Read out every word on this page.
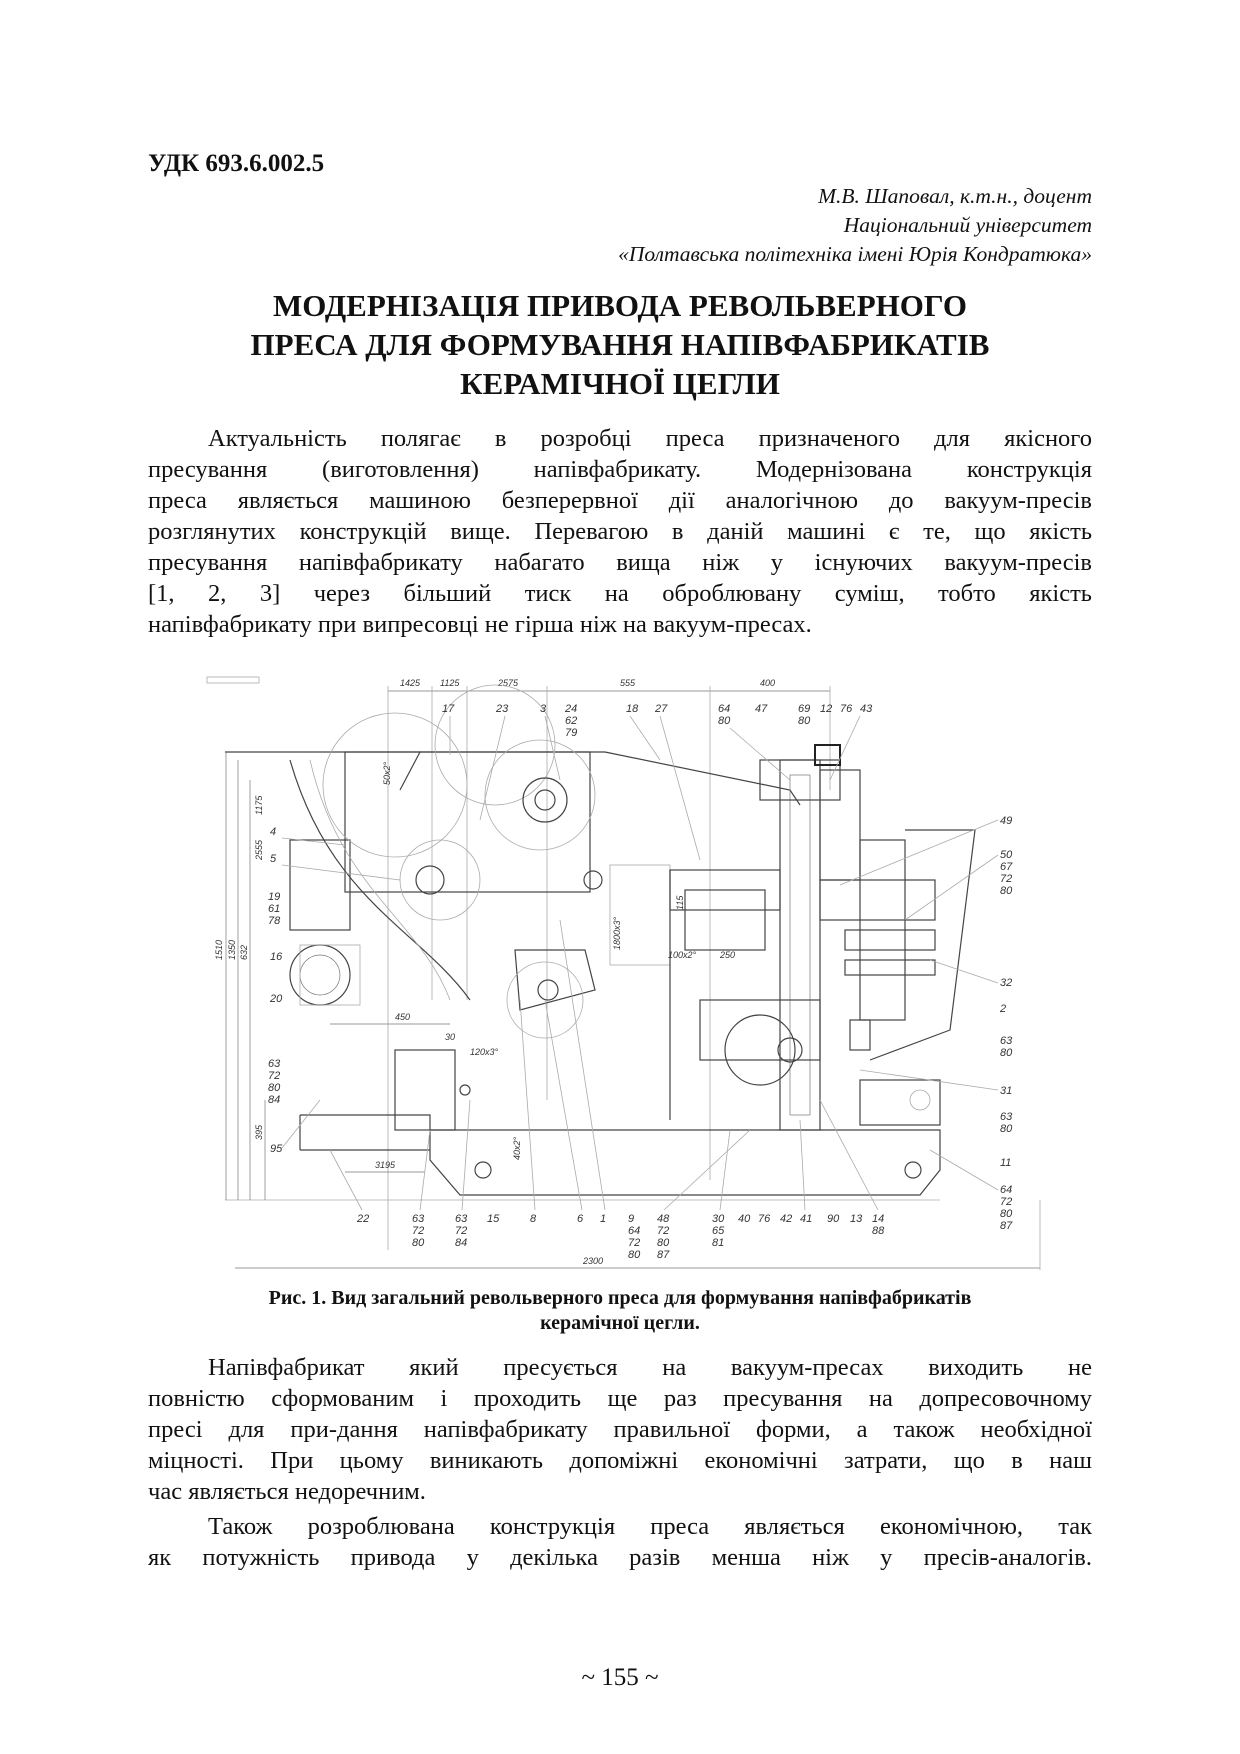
УДК 693.6.002.5
М.В. Шаповал, к.т.н., доцент
Національний університет
«Полтавська політехніка імені Юрія Кондратюка»
МОДЕРНІЗАЦІЯ ПРИВОДА РЕВОЛЬВЕРНОГО
ПРЕСА ДЛЯ ФОРМУВАННЯ НАПІВФАБРИКАТІВ
КЕРАМІЧНОЇ ЦЕГЛИ
Актуальність полягає в розробці преса призначеного для якісного
пресування (виготовлення) напівфабрикату. Модернізована конструкція
преса являється машиною безперервної дії аналогічною до вакуум-пресів
розглянутих конструкцій вище. Перевагою в даній машині є те, що якість
пресування напівфабрикату набагато вища ніж у існуючих вакуум-пресів
[1, 2, 3] через більший тиск на оброблювану суміш, тобто якість
напівфабрикату при випресовці не гірша ніж на вакуум-пресах.
1425 1125	2575	555	400
1510 1350 632
395
1175
2555
1800х3°
50х2°
40х2°
450
30
120х3°
3195
100х2°	250
115
2300
17	23	3 24
62
79
18 27	64
80
47	69
80
12 76 43
4
5
19
61
78
16
20
63
72
80
84
95
49
50
67
72
80
32
2
63
80
31
63
80
11
64
72
80
87
22	63
72
80
63
72
84
15	8	6 1 9
64
72
80
48
72
80
87
30
65
81
40 76 42 41 90 13 14
88
Рис. 1. Вид загальний револьверного преса для формування напівфабрикатів
керамічної цегли.
Напівфабрикат який пресується на вакуум-пресах виходить не
повністю сформованим і проходить ще раз пресування на допресовочному
пресі для при-дання напівфабрикату правильної форми, а також необхідної
міцності. При цьому виникають допоміжні економічні затрати, що в наш
час являється недоречним.
Також розроблювана конструкція преса являється економічною, так
як потужність привода у декілька разів менша ніж у пресів-аналогів.
~ 155 ~
